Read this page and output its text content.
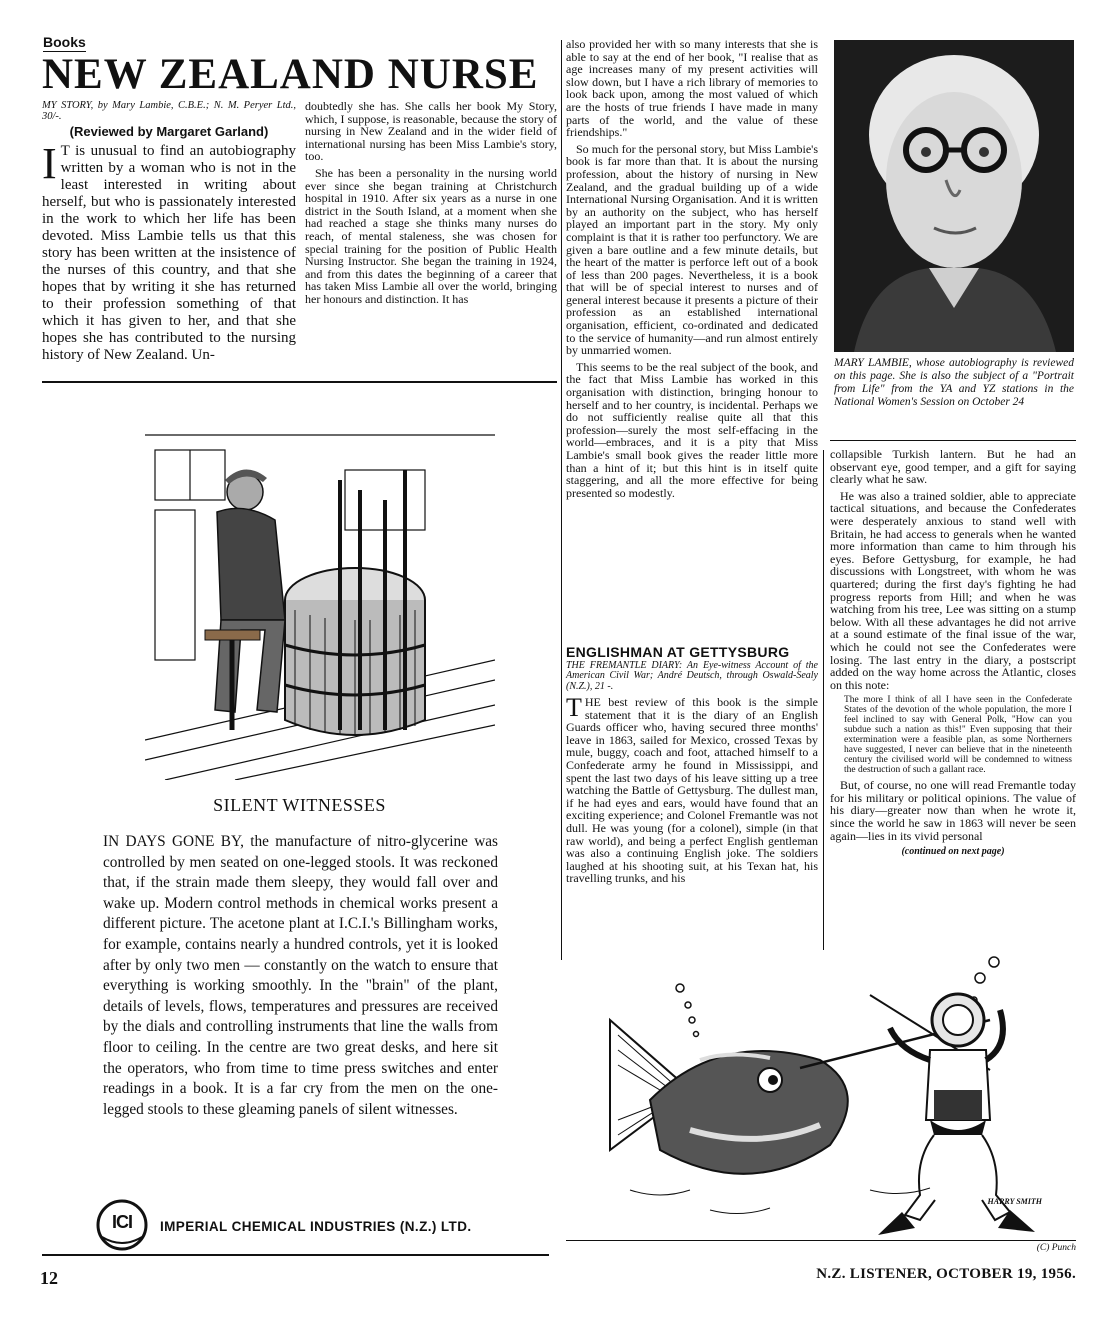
Books
NEW ZEALAND NURSE
MY STORY, by Mary Lambie, C.B.E.; N. M. Peryer Ltd., 30/-.
(Reviewed by Margaret Garland)
I T is unusual to find an autobiography written by a woman who is not in the least interested in writing about herself, but who is passionately interested in the work to which her life has been devoted. Miss Lambie tells us that this story has been written at the insistence of the nurses of this country, and that she hopes that by writing it she has returned to their profession something of that which it has given to her, and that she hopes she has contributed to the nursing history of New Zealand. Un-

doubtedly she has. She calls her book My Story, which, I suppose, is reasonable, because the story of nursing in New Zealand and in the wider field of international nursing has been Miss Lambie's story, too.

She has been a personality in the nursing world ever since she began training at Christchurch hospital in 1910. After six years as a nurse in one district in the South Island, at a moment when she had reached a stage she thinks many nurses do reach, of mental staleness, she was chosen for special training for the position of Public Health Nursing Instructor. She began the training in 1924, and from this dates the beginning of a career that has taken Miss Lambie all over the world, bringing her honours and distinction. It has

also provided her with so many interests that she is able to say at the end of her book, "I realise that as age increases many of my present activities will slow down, but I have a rich library of memories to look back upon, among the most valued of which are the hosts of true friends I have made in many parts of the world, and the value of these friendships."

So much for the personal story, but Miss Lambie's book is far more than that. It is about the nursing profession, about the history of nursing in New Zealand, and the gradual building up of a wide International Nursing Organisation. And it is written by an authority on the subject, who has herself played an important part in the story. My only complaint is that it is rather too perfunctory. We are given a bare outline and a few minute details, but the heart of the matter is perforce left out of a book of less than 200 pages. Nevertheless, it is a book that will be of special interest to nurses and of general interest because it presents a picture of their profession as an established international organisation, efficient, co-ordinated and dedicated to the service of humanity—and run almost entirely by unmarried women.

This seems to be the real subject of the book, and the fact that Miss Lambie has worked in this organisation with distinction, bringing honour to herself and to her country, is incidental. Perhaps we do not sufficiently realise quite all that this profession—surely the most self-effacing in the world—embraces, and it is a pity that Miss Lambie's small book gives the reader little more than a hint of it; but this hint is in itself quite staggering, and all the more effective for being presented so modestly.

MARY LAMBIE, whose autobiography is reviewed on this page. She is also the subject of a "Portrait from Life" from the YA and YZ stations in the National Women's Session on October 24
ENGLISHMAN AT GETTYSBURG
THE FREMANTLE DIARY: An Eye-witness Account of the American Civil War; André Deutsch, through Oswald-Sealy (N.Z.), 21 -.
THE best review of this book is the simple statement that it is the diary of an English Guards officer who, having secured three months' leave in 1863, sailed for Mexico, crossed Texas by mule, buggy, coach and foot, attached himself to a Confederate army he found in Mississippi, and spent the last two days of his leave sitting up a tree watching the Battle of Gettysburg. The dullest man, if he had eyes and ears, would have found that an exciting experience; and Colonel Fremantle was not dull. He was young (for a colonel), simple (in that raw world), and being a perfect English gentleman was also a continuing English joke. The soldiers laughed at his shooting suit, at his Texan hat, his travelling trunks, and his

collapsible Turkish lantern. But he had an observant eye, good temper, and a gift for saying clearly what he saw.

He was also a trained soldier, able to appreciate tactical situations, and because the Confederates were desperately anxious to stand well with Britain, he had access to generals when he wanted more information than came to him through his eyes. Before Gettysburg, for example, he had discussions with Longstreet, with whom he was quartered; during the first day's fighting he had progress reports from Hill; and when he was watching from his tree, Lee was sitting on a stump below. With all these advantages he did not arrive at a sound estimate of the final issue of the war, which he could not see the Confederates were losing. The last entry in the diary, a postscript added on the way home across the Atlantic, closes on this note:

The more I think of all I have seen in the Confederate States of the devotion of the whole population, the more I feel inclined to say with General Polk, "How can you subdue such a nation as this!" Even supposing that their extermination were a feasible plan, as some Northerners have suggested, I never can believe that in the nineteenth century the civilised world will be condemned to witness the destruction of such a gallant race.

But, of course, no one will read Fremantle today for his military or political opinions. The value of his diary—greater now than when he wrote it, since the world he saw in 1863 will never be seen again—lies in its vivid personal

(continued on next page)
SILENT WITNESSES
IN DAYS GONE BY, the manufacture of nitro-glycerine was controlled by men seated on one-legged stools. It was reckoned that, if the strain made them sleepy, they would fall over and wake up. Modern control methods in chemical works present a different picture. The acetone plant at I.C.I.'s Billingham works, for example, contains nearly a hundred controls, yet it is looked after by only two men — constantly on the watch to ensure that everything is working smoothly. In the "brain" of the plant, details of levels, flows, temperatures and pressures are received by the dials and controlling instruments that line the walls from floor to ceiling. In the centre are two great desks, and here sit the operators, who from time to time press switches and enter readings in a book. It is a far cry from the men on the one-legged stools to these gleaming panels of silent witnesses.
ICI	IMPERIAL CHEMICAL INDUSTRIES (N.Z.) LTD.
HARRY SMITH
(C) Punch
12	N.Z. LISTENER, OCTOBER 19, 1956.
